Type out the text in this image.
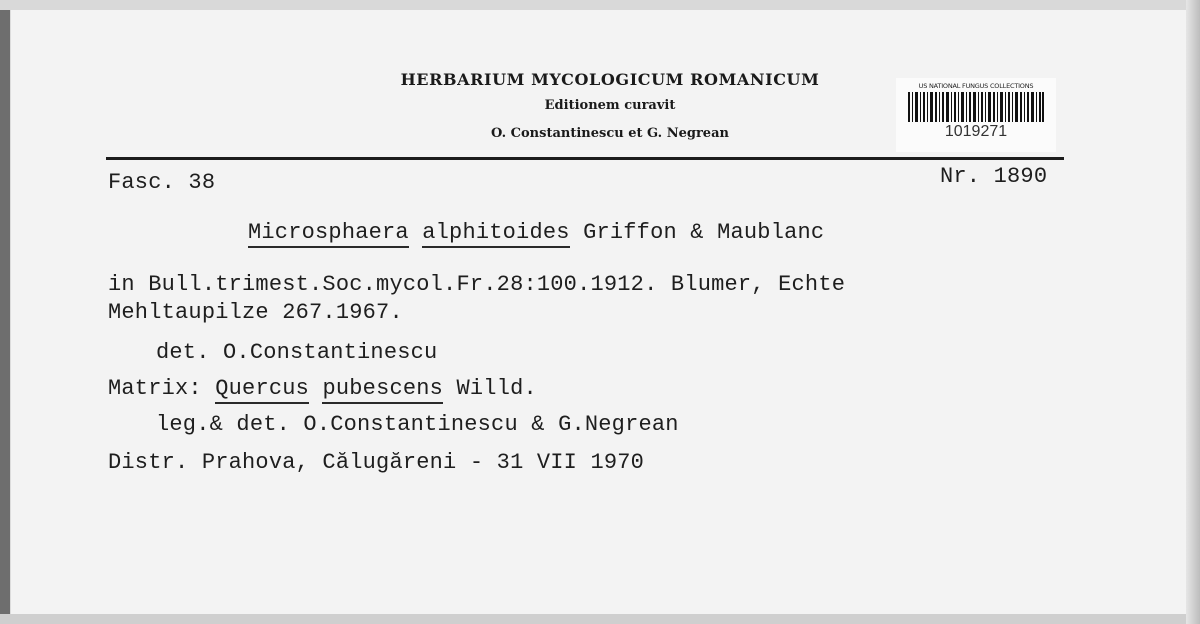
HERBARIUM MYCOLOGICUM ROMANICUM
Editionem curavit
O. Constantinescu et G. Negrean
US NATIONAL FUNGUS COLLECTIONS
1019271
Fasc. 38	Nr. 1890
Microsphaera alphitoides Griffon & Maublanc
in Bull.trimest.Soc.mycol.Fr.28:100.1912. Blumer, Echte
Mehltaupilze 267.1967.
det. O.Constantinescu
Matrix: Quercus pubescens Willd.
leg.& det. O.Constantinescu & G.Negrean
Distr. Prahova, Călugăreni - 31 VII 1970
